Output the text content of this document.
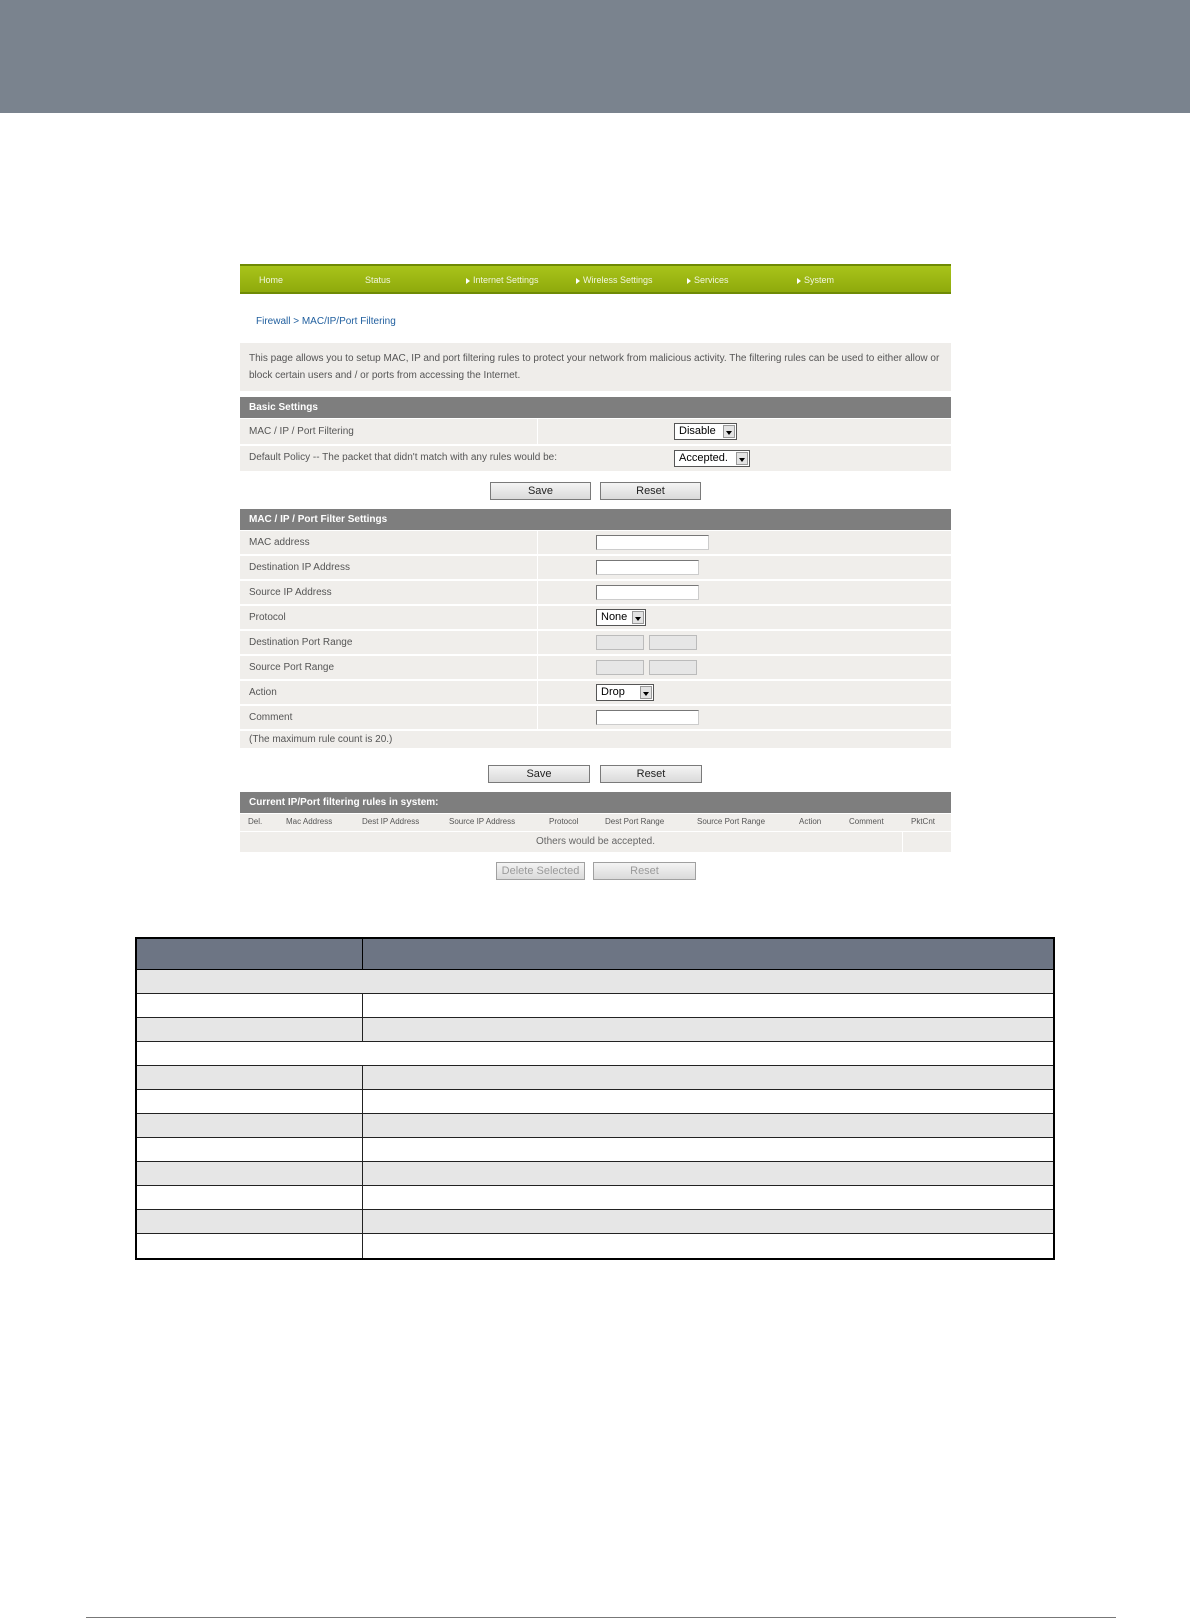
Home	Status	Internet Settings	Wireless Settings	Services	System
Firewall > MAC/IP/Port Filtering
This page allows you to setup MAC, IP and port filtering rules to protect your network from malicious activity. The filtering rules can be used to either allow or block certain users and / or ports from accessing the Internet.
Basic Settings
MAC / IP / Port Filtering	Disable
Default Policy -- The packet that didn't match with any rules would be:	Accepted.
Save	Reset
MAC / IP / Port Filter Settings
MAC address
Destination IP Address
Source IP Address
Protocol	None
Destination Port Range
Source Port Range
Action	Drop
Comment
(The maximum rule count is 20.)
Save	Reset
Current IP/Port filtering rules in system:
Del.	Mac Address	Dest IP Address	Source IP Address	Protocol	Dest Port Range	Source Port Range	Action	Comment	PktCnt
Others would be accepted.
Delete Selected	Reset
